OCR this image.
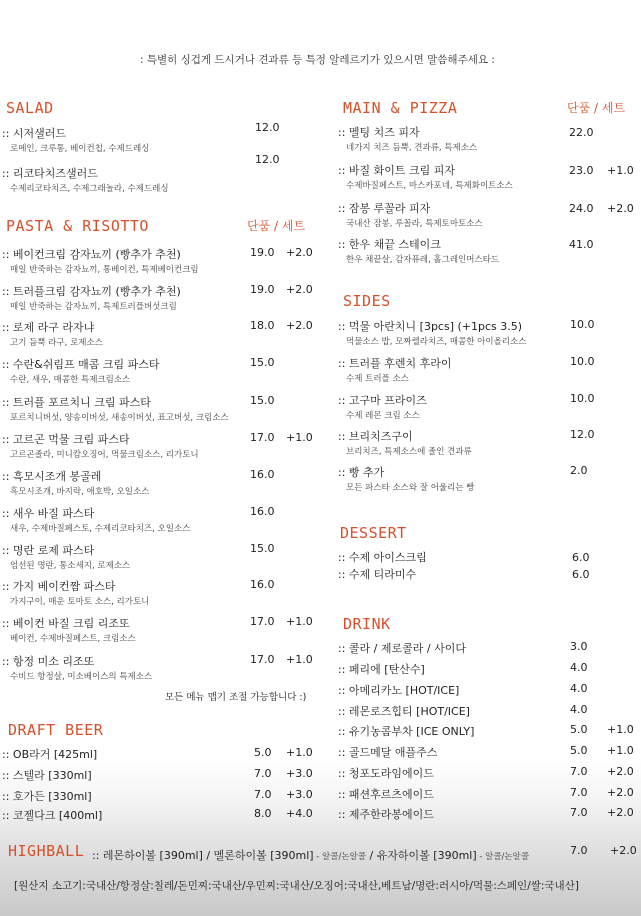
: 특별히 싱겁게 드시거나 견과류 등 특정 알레르기가 있으시면 말씀해주세요 :
SALAD
:: 시저샐러드
로메인, 크루통, 베이컨칩, 수제드레싱
12.0
:: 리코타치즈샐러드
수제리코타치즈, 수제그래놀라, 수제드레싱
12.0
PASTA & RISOTTO	단품 / 세트
:: 베이컨크림 감자뇨끼 (빵추가 추천)
매일 반죽하는 감자뇨끼, 통베이컨, 특제베이컨크림
19.0 +2.0
:: 트러플크림 감자뇨끼 (빵추가 추천)
매일 반죽하는 감자뇨끼, 특제트러플버섯크림
19.0 +2.0
:: 로제 라구 라자냐
고기 듬뿍 라구, 로제소스
18.0 +2.0
:: 수란&쉬림프 매콤 크림 파스타
수란, 새우, 매콤한 특제크림소스
15.0
:: 트러플 포르치니 크림 파스타
포르치니버섯, 양송이버섯, 새송이버섯, 표고버섯, 크림소스
15.0
:: 고르곤 먹물 크림 파스타
고르곤졸라, 미니캄오징어, 먹물크림소스, 리가토니
17.0 +1.0
:: 흑모시조개 봉골레
흑모시조개, 바지락, 애호박, 오일소스
16.0
:: 새우 바질 파스타
새우, 수제바질페스토, 수제리코타치즈, 오일소스
16.0
:: 명란 로제 파스타
엄선된 명란, 통소세지, 로제소스
15.0
:: 가지 베이컨짬 파스타
가지구이, 매운 토마토 소스, 리가토니
16.0
:: 베이컨 바질 크림 리조또
베이컨, 수제바질페스트, 크림소스
17.0 +1.0
:: 항정 미소 리조또
수비드 항정살, 미소베이스의 특제소스
17.0 +1.0
모든 메뉴 맵기 조절 가능합니다 :)
DRAFT BEER
:: OB라거 [425ml]	5.0 +1.0
:: 스텔라 [330ml]	7.0 +3.0
:: 호가든 [330ml]	7.0 +3.0
:: 코젤다크 [400ml]	8.0 +4.0
MAIN & PIZZA	단품 / 세트
:: 멜팅 치즈 피자
네가지 치즈 듬뿍, 견과류, 특제소스
22.0
:: 바질 화이트 크림 피자
수제바질페스트, 마스카포네, 특제화이트소스
23.0 +1.0
:: 잠봉 루꼴라 피자
국내산 잠봉, 루꼴라, 특제토마토소스
24.0 +2.0
:: 한우 채끝 스테이크
한우 채끝살, 감자퓨레, 홀그레인머스타드
41.0
SIDES
:: 먹물 아란치니 [3pcs] (+1pcs 3.5)
먹물소스 밥, 모짜렐라치즈, 매콤한 아이올리소스
10.0
:: 트러플 후렌치 후라이
수제 트러플 소스
10.0
:: 고구마 프라이즈
수제 레몬 크림 소스
10.0
:: 브리치즈구이
브리치즈, 특제소스에 졸인 견과류
12.0
:: 빵 추가
모든 파스타 소스와 잘 어울리는 빵
2.0
DESSERT
:: 수제 아이스크림	6.0
:: 수제 티라미수	6.0
DRINK
:: 콜라 / 제로콜라 / 사이다	3.0
:: 페리에 [탄산수]	4.0
:: 아메리카노 [HOT/ICE]	4.0
:: 레몬로즈힙티 [HOT/ICE]	4.0
:: 유기농콤부차 [ICE ONLY]	5.0 +1.0
:: 골드메달 애플주스	5.0 +1.0
:: 청포도라임에이드	7.0 +2.0
:: 패션후르츠에이드	7.0 +2.0
:: 제주한라봉에이드	7.0 +2.0
HIGHBALL :: 레몬하이볼 [390ml] / 멜론하이볼 [390ml] - 알콜/논알콜 / 유자하이볼 [390ml] - 알콜/논알콜	7.0 +2.0
[원산지 소고기:국내산/항정살:칠레/돈민찌:국내산/우민찌:국내산/오징어:국내산,베트남/명란:러시아/먹물:스페인/쌀:국내산]
